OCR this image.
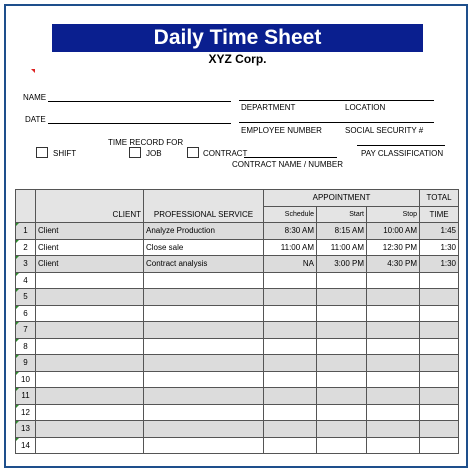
Daily Time Sheet
XYZ Corp.
NAME
DATE
DEPARTMENT	LOCATION
EMPLOYEE NUMBER	SOCIAL SECURITY #
TIME RECORD FOR
SHIFT	JOB	CONTRACT
CONTRACT NAME / NUMBER
PAY CLASSIFICATION
	CLIENT	PROFESSIONAL SERVICE	APPOINTMENT			TOTAL
			Schedule	Start	Stop	TIME
1	Client	Analyze Production	8:30 AM	8:15 AM	10:00 AM	1:45
2	Client	Close sale	11:00 AM	11:00 AM	12:30 PM	1:30
3	Client	Contract analysis	NA	3:00 PM	4:30 PM	1:30
4						
5						
6						
7						
8						
9						
10						
11						
12						
13						
14						
